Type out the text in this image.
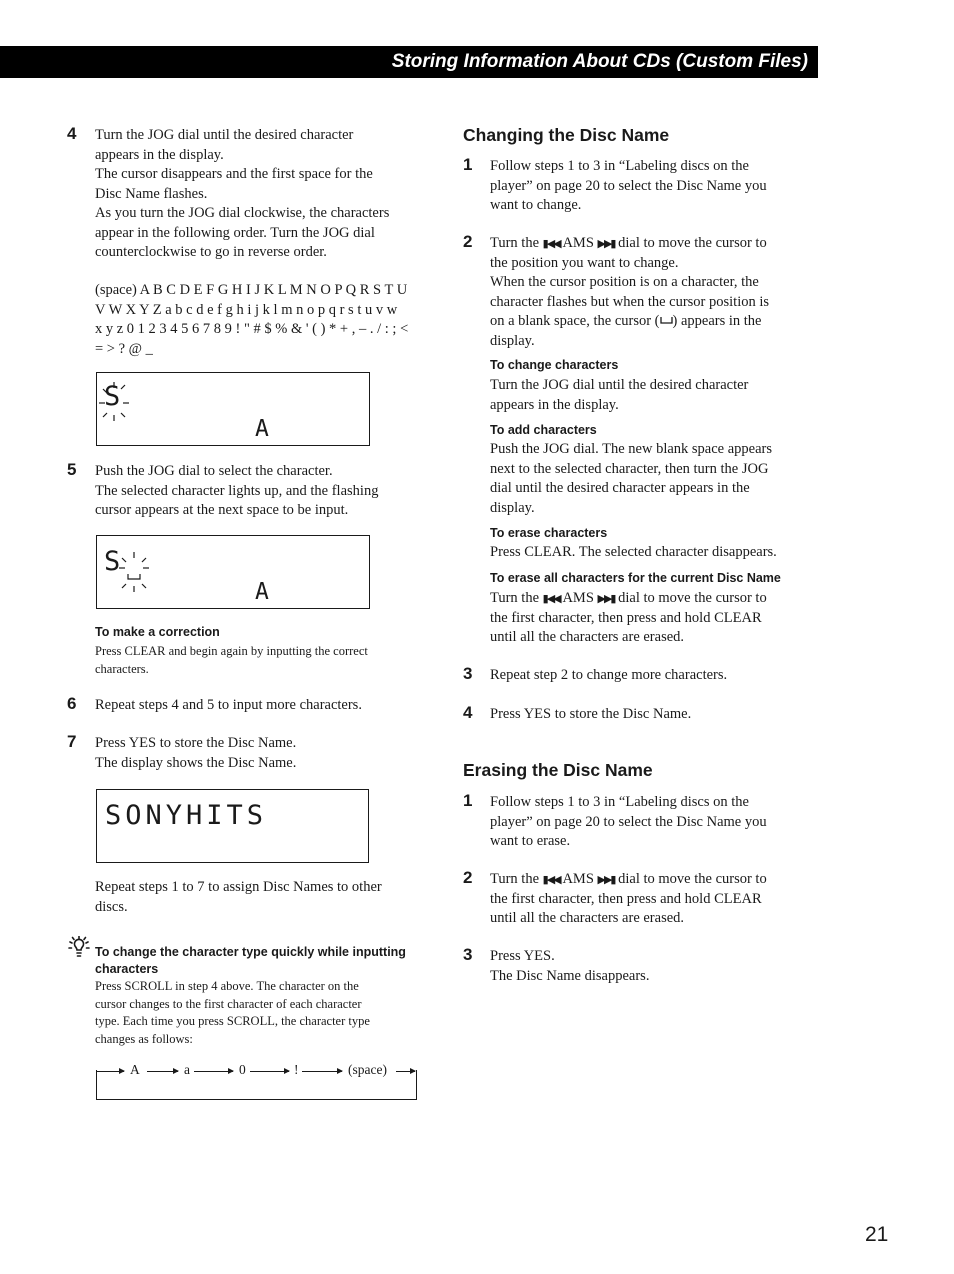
Storing Information About CDs (Custom Files)
4 Turn the JOG dial until the desired character
appears in the display.
The cursor disappears and the first space for the
Disc Name flashes.
As you turn the JOG dial clockwise, the characters
appear in the following order. Turn the JOG dial
counterclockwise to go in reverse order.
(space) A B C D E F G H I J K L M N O P Q R S T U
V W X Y Z a b c d e f g h i j k l m n o p q r s t u v w
x y z 0 1 2 3 4 5 6 7 8 9 ! " # $ % & ' ( ) * + , – . / : ; <
= > ? @ _
S
A
5 Push the JOG dial to select the character.
The selected character lights up, and the flashing
cursor appears at the next space to be input.
S
A
To make a correction
Press CLEAR and begin again by inputting the correct
characters.
6 Repeat steps 4 and 5 to input more characters.
7 Press YES to store the Disc Name.
The display shows the Disc Name.
SONYHITS
Repeat steps 1 to 7 to assign Disc Names to other
discs.
To change the character type quickly while inputting
characters
Press SCROLL in step 4 above. The character on the
cursor changes to the first character of each character
type. Each time you press SCROLL, the character type
changes as follows:
A	a	0	!	(space)
Changing the Disc Name
1 Follow steps 1 to 3 in “Labeling discs on the
player” on page 20 to select the Disc Name you
want to change.
2 Turn the ▮◀◀ AMS ▶▶▮ dial to move the cursor to
the position you want to change.
When the cursor position is on a character, the
character flashes but when the cursor position is
on a blank space, the cursor ( ) appears in the
display.
To change characters
Turn the JOG dial until the desired character
appears in the display.
To add characters
Push the JOG dial. The new blank space appears
next to the selected character, then turn the JOG
dial until the desired character appears in the
display.
To erase characters
Press CLEAR. The selected character disappears.
To erase all characters for the current Disc Name
Turn the ▮◀◀ AMS ▶▶▮ dial to move the cursor to
the first character, then press and hold CLEAR
until all the characters are erased.
3 Repeat step 2 to change more characters.
4 Press YES to store the Disc Name.
Erasing the Disc Name
1 Follow steps 1 to 3 in “Labeling discs on the
player” on page 20 to select the Disc Name you
want to erase.
2 Turn the ▮◀◀ AMS ▶▶▮ dial to move the cursor to
the first character, then press and hold CLEAR
until all the characters are erased.
3 Press YES.
The Disc Name disappears.
21
